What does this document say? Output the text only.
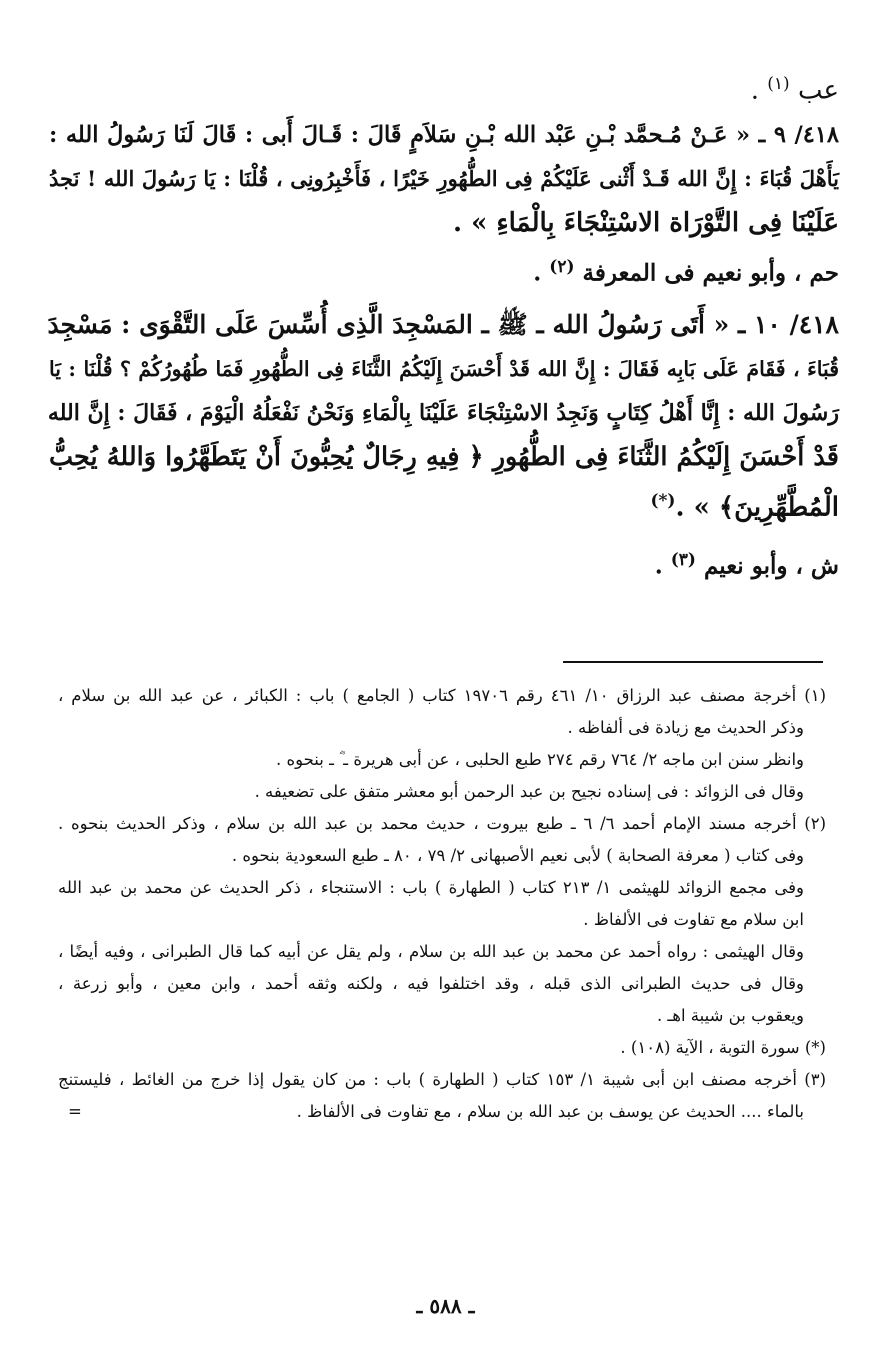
عب $^{(١)}$ .
٤١٨/ ٩ ـ « عَـنْ مُـحمَّد بْـنِ عَبْد الله بْـنِ سَلاَمٍ قَالَ : قَـالَ أَبى : قَالَ لَنَا رَسُولُ الله :
يَأَهْلَ قُبَاءَ : إِنَّ الله قَـدْ أَثْنى عَلَيْكُمْ فِى الطُّهُورِ خَيْرًا ، فَأَخْبِرُونِى ، قُلْنَا : يَا رَسُولَ الله ! نَجدُ
عَلَيْنَا فِى التَّوْرَاة الاسْتِنْجَاءَ بِالْمَاءِ » .
حم ، وأبو نعيم فى المعرفة $^{(٢)}$ .
٤١٨/ ١٠ ـ « أَتَى رَسُولُ الله ـ ﷺ ـ المَسْجِدَ الَّذِى أُسِّسَ عَلَى التَّقْوَى : مَسْجِدَ
قُبَاءَ ، فَقَامَ عَلَى بَابِه فَقَالَ : إِنَّ الله قَدْ أَحْسَنَ إِلَيْكُمُ الثَّنَاءَ فِى الطُّهُورِ فَمَا طُهُورُكُمْ ؟ قُلْنَا : يَا
رَسُولَ الله : إِنَّا أَهْلُ كِتَابٍ وَنَجِدُ الاسْتِنْجَاءَ عَلَيْنَا بِالْمَاءِ وَنَحْنُ نَفْعَلُهُ الْيَوْمَ ، فَقَالَ : إِنَّ الله
قَدْ أَحْسَنَ إِلَيْكُمُ الثَّنَاءَ فِى الطُّهُورِ ﴿ فِيهِ رِجَالٌ يُحِبُّونَ أَنْ يَتَطَهَّرُوا وَاللهُ يُحِبُّ
الْمُطَّهِّرِينَ﴾ » .(*)
ش ، وأبو نعيم $^{(٣)}$ .
(١) أخرجة مصنف عبد الرزاق ١٠/ ٤٦١ رقم ١٩٧٠٦ كتاب ( الجامع ) باب : الكبائر ، عن عبد الله بن سلام ،
وذكر الحديث مع زيادة فى ألفاظه .
وانظر سنن ابن ماجه ٢/ ٧٦٤ رقم ٢٧٤ طبع الحلبى ، عن أبى هريرة ـ ؓ ـ بنحوه .
وقال فى الزوائد : فى إسناده نجيح بن عبد الرحمن أبو معشر متفق على تضعيفه .
(٢) أخرجه مسند الإمام أحمد ٦/ ٦ ـ طبع بيروت ، حديث محمد بن عبد الله بن سلام ، وذكر الحديث بنحوه .
وفى كتاب ( معرفة الصحابة ) لأبى نعيم الأصبهانى ٢/ ٧٩ ، ٨٠ ـ طبع السعودية بنحوه .
وفى مجمع الزوائد للهيثمى ١/ ٢١٣ كتاب ( الطهارة ) باب : الاستنجاء ، ذكر الحديث عن محمد بن عبد الله
ابن سلام مع تفاوت فى الألفاظ .
وقال الهيثمى : رواه أحمد عن محمد بن عبد الله بن سلام ، ولم يقل عن أبيه كما قال الطبرانى ، وفيه أيضًا ،
وقال فى حديث الطبرانى الذى قبله ، وقد اختلفوا فيه ، ولكنه وثقه أحمد ، وابن معين ، وأبو زرعة ،
ويعقوب بن شيبة اهـ .
(*) سورة التوبة ، الآية (١٠٨) .
(٣) أخرجه مصنف ابن أبى شيبة ١/ ١٥٣ كتاب ( الطهارة ) باب : من كان يقول إذا خرج من الغائط ، فليستنج
بالماء .... الحديث عن يوسف بن عبد الله بن سلام ، مع تفاوت فى الألفاظ .
=
ـ ٥٨٨ ـ
